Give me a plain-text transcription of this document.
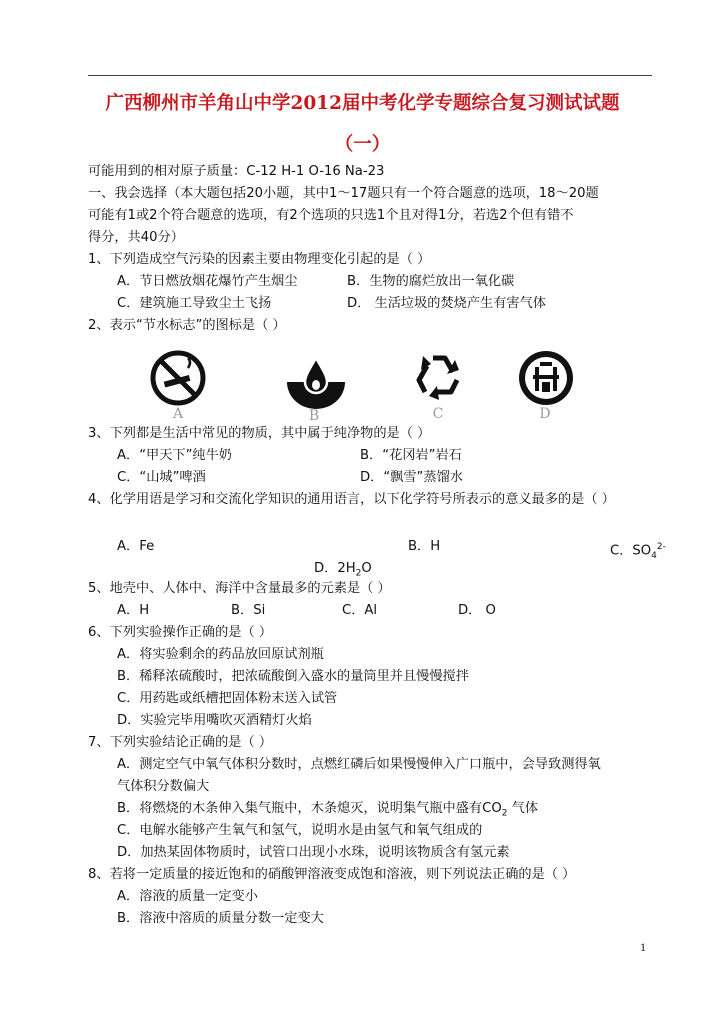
广西柳州市羊角山中学2012届中考化学专题综合复习测试试题
（一）
可能用到的相对原子质量：C-12 H-1 O-16 Na-23
一、我会选择（本大题包括20小题，其中1～17题只有一个符合题意的选项，18～20题
可能有1或2个符合题意的选项，有2个选项的只选1个且对得1分，若选2个但有错不
得分，共40分）
1、下列造成空气污染的因素主要由物理变化引起的是（ ）
A．节日燃放烟花爆竹产生烟尘	B．生物的腐烂放出一氧化碳
C．建筑施工导致尘土飞扬	D． 生活垃圾的焚烧产生有害气体
2、表示“节水标志”的图标是（ ）
A	B	C	D
3、下列都是生活中常见的物质，其中属于纯净物的是（ ）
A．“甲天下”纯牛奶	B．“花冈岩”岩石
C．“山城”啤酒	D．“飘雪”蒸馏水
4、化学用语是学习和交流化学知识的通用语言，以下化学符号所表示的意义最多的是（ ）
A．Fe	B．H	C．$SO_4^{2-}$
D．$2H_2O$
5、地壳中、人体中、海洋中含量最多的元素是（ ）
A．H	B．Si	C．Al	D． O
6、下列实验操作正确的是（ ）
A．将实验剩余的药品放回原试剂瓶
B．稀释浓硫酸时，把浓硫酸倒入盛水的量筒里并且慢慢搅拌
C．用药匙或纸槽把固体粉末送入试管
D．实验完毕用嘴吹灭酒精灯火焰
7、下列实验结论正确的是（ ）
A．测定空气中氧气体积分数时，点燃红磷后如果慢慢伸入广口瓶中，会导致测得氧
气体积分数偏大
B．将燃烧的木条伸入集气瓶中，木条熄灭，说明集气瓶中盛有$CO_2$ 气体
C．电解水能够产生氧气和氢气，说明水是由氢气和氧气组成的
D．加热某固体物质时，试管口出现小水珠，说明该物质含有氢元素
8、若将一定质量的接近饱和的硝酸钾溶液变成饱和溶液，则下列说法正确的是（ ）
A．溶液的质量一定变小
B．溶液中溶质的质量分数一定变大
1
